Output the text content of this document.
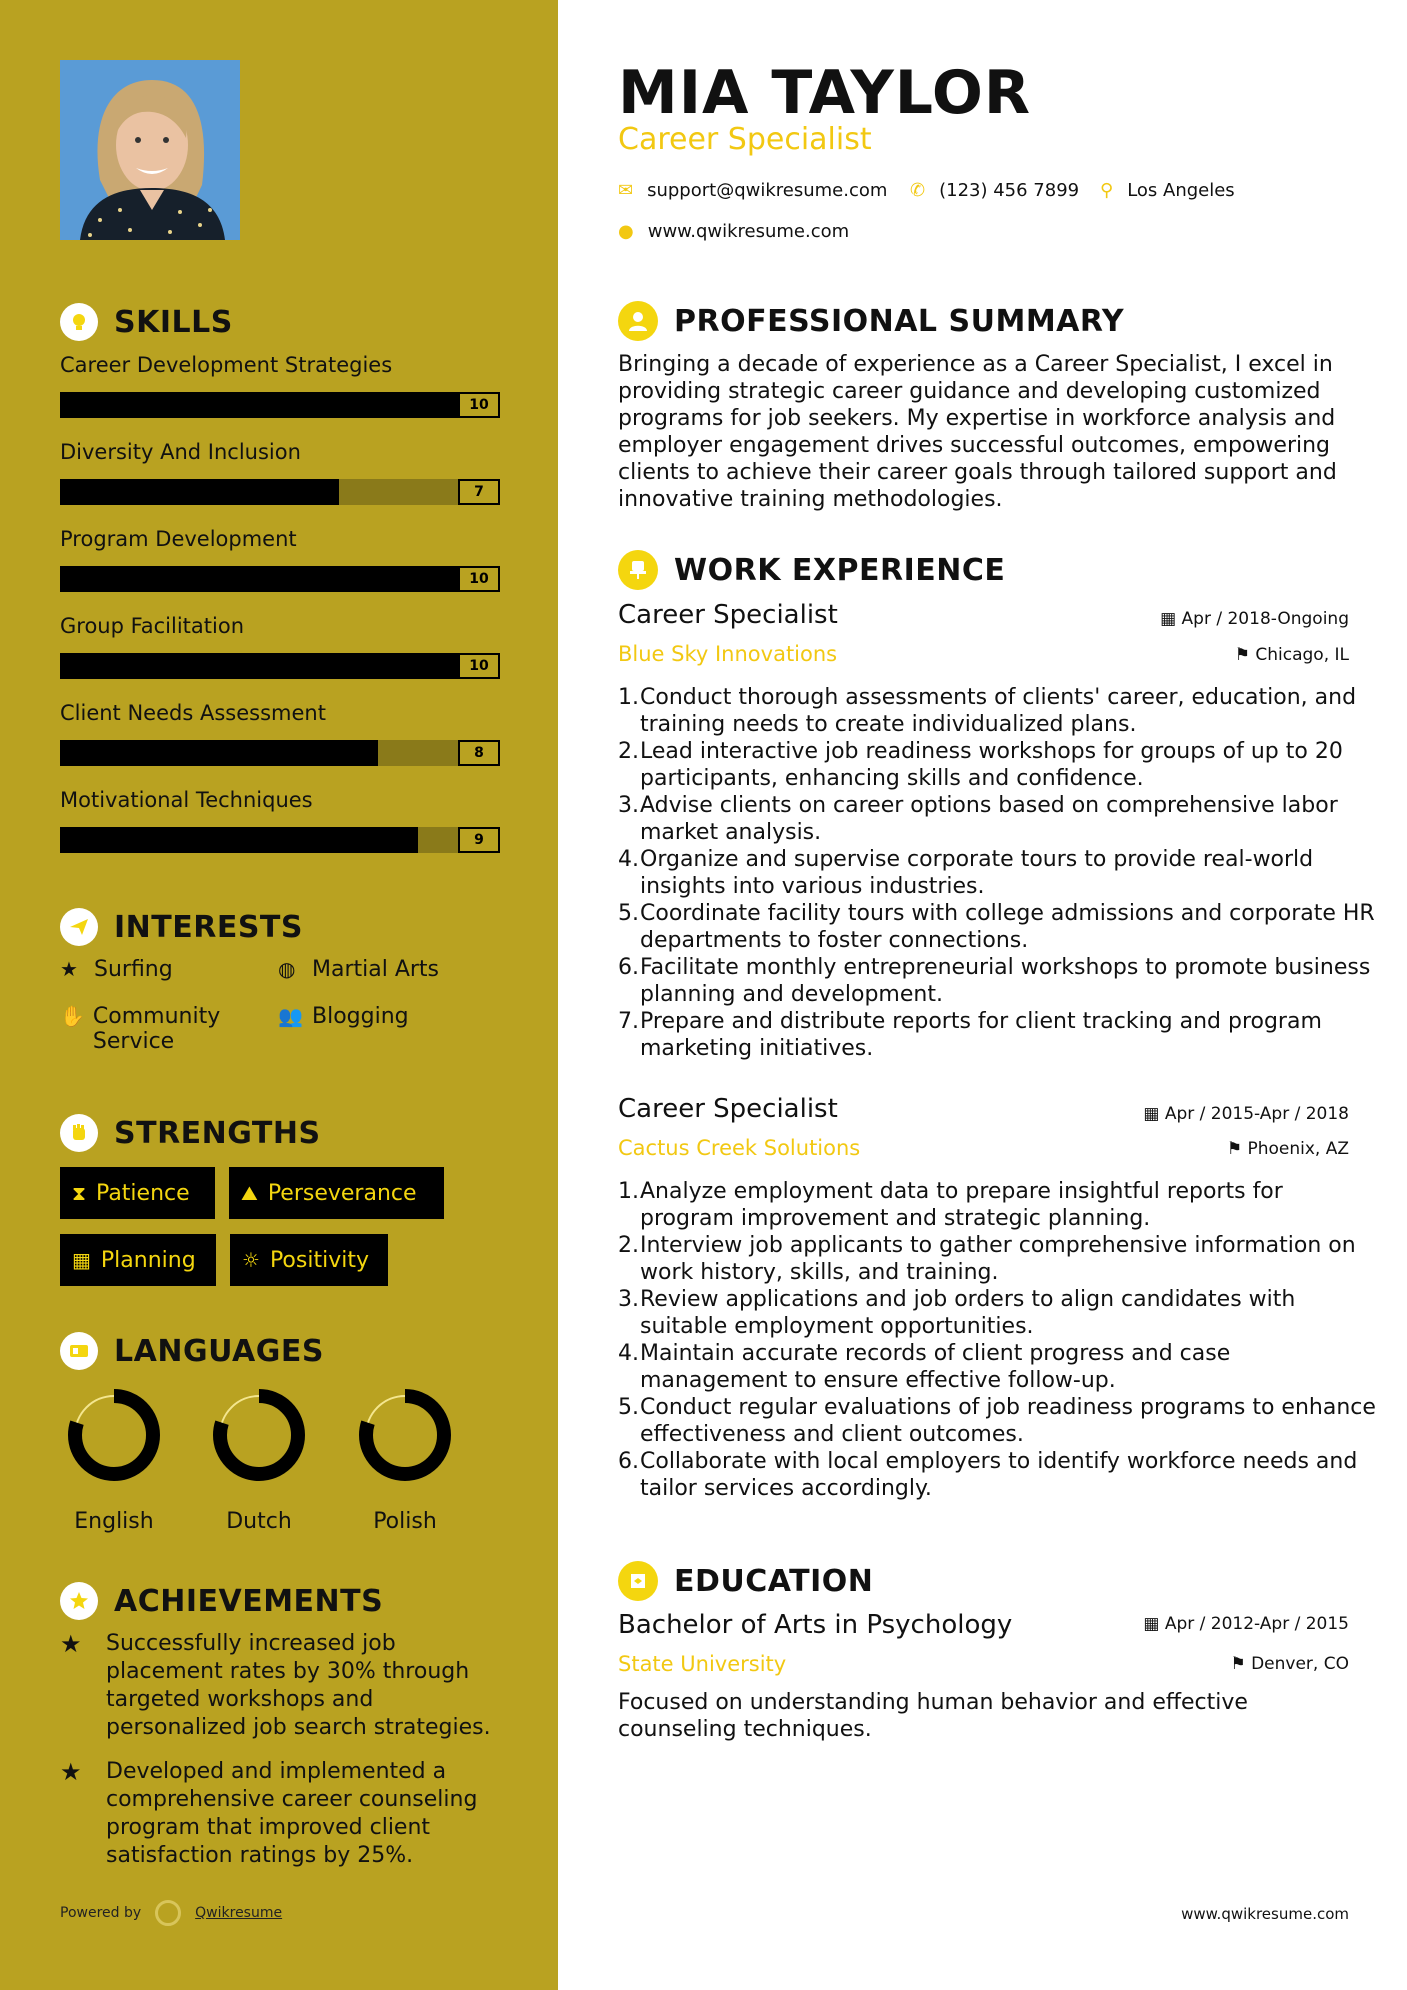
SKILLS
Career Development Strategies
10
Diversity And Inclusion
7
Program Development
10
Group Facilitation
10
Client Needs Assessment
8
Motivational Techniques
9
INTERESTS
★ Surfing	◍ Martial Arts
✋ Community Service
👥 Blogging
STRENGTHS
⧗ Patience	⛰ Perseverance
▦ Planning ☼ Positivity
LANGUAGES
English	Dutch	Polish
ACHIEVEMENTS
★	Successfully increased job placement rates by 30% through targeted workshops and personalized job search strategies.
★	Developed and implemented a comprehensive career counseling program that improved client satisfaction ratings by 25%.
Powered by	Qwikresume
MIA TAYLOR
Career Specialist
✉ support@qwikresume.com ✆ (123) 456 7899 ⚲ Los Angeles
● www.qwikresume.com
PROFESSIONAL SUMMARY
Bringing a decade of experience as a Career Specialist, I excel in providing strategic career guidance and developing customized programs for job seekers. My expertise in workforce analysis and employer engagement drives successful outcomes, empowering clients to achieve their career goals through tailored support and innovative training methodologies.
WORK EXPERIENCE
Career Specialist
Blue Sky Innovations
▦ Apr / 2018-Ongoing
⚑ Chicago, IL
1. Conduct thorough assessments of clients' career, education, and training needs to create individualized plans.
2. Lead interactive job readiness workshops for groups of up to 20 participants, enhancing skills and confidence.
3. Advise clients on career options based on comprehensive labor market analysis.
4. Organize and supervise corporate tours to provide real-world insights into various industries.
5. Coordinate facility tours with college admissions and corporate HR departments to foster connections.
6. Facilitate monthly entrepreneurial workshops to promote business planning and development.
7. Prepare and distribute reports for client tracking and program marketing initiatives.
Career Specialist
Cactus Creek Solutions
▦ Apr / 2015-Apr / 2018
⚑ Phoenix, AZ
1. Analyze employment data to prepare insightful reports for program improvement and strategic planning.
2. Interview job applicants to gather comprehensive information on work history, skills, and training.
3. Review applications and job orders to align candidates with suitable employment opportunities.
4. Maintain accurate records of client progress and case management to ensure effective follow-up.
5. Conduct regular evaluations of job readiness programs to enhance effectiveness and client outcomes.
6. Collaborate with local employers to identify workforce needs and tailor services accordingly.
EDUCATION
Bachelor of Arts in Psychology
State University
▦ Apr / 2012-Apr / 2015
⚑ Denver, CO
Focused on understanding human behavior and effective counseling techniques.
www.qwikresume.com
